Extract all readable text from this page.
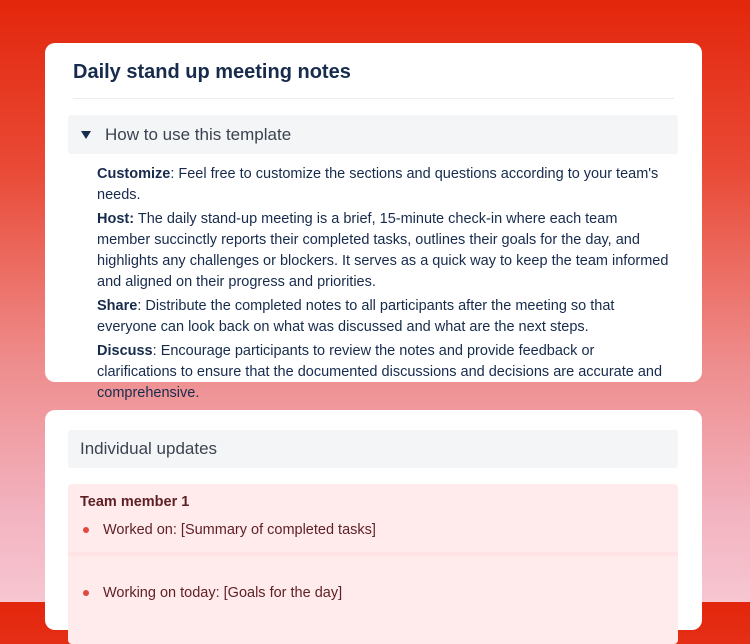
Daily stand up meeting notes
How to use this template

Customize: Feel free to customize the sections and questions according to your team's needs.

Host: The daily stand-up meeting is a brief, 15-minute check-in where each team member succinctly reports their completed tasks, outlines their goals for the day, and highlights any challenges or blockers. It serves as a quick way to keep the team informed and aligned on their progress and priorities.

Share: Distribute the completed notes to all participants after the meeting so that everyone can look back on what was discussed and what are the next steps.

Discuss: Encourage participants to review the notes and provide feedback or clarifications to ensure that the documented discussions and decisions are accurate and comprehensive.

Individual updates
Team member 1
Worked on: [Summary of completed tasks]
Working on today: [Goals for the day]
